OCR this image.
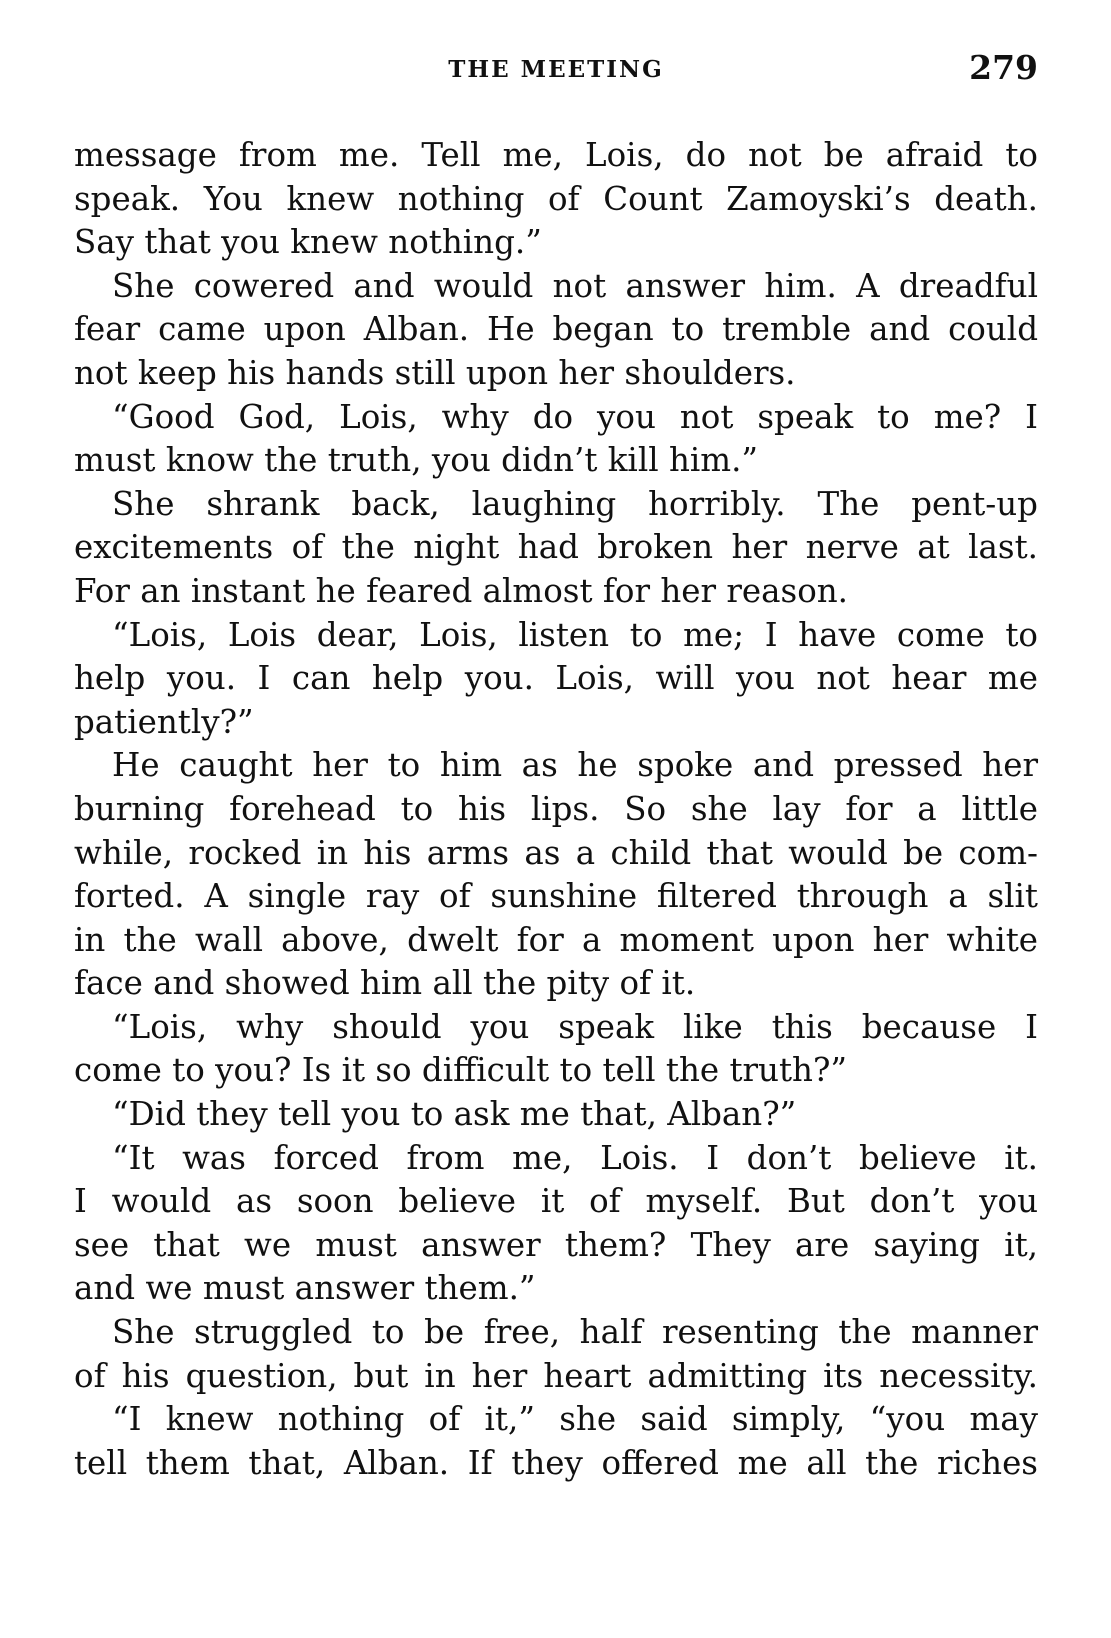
THE MEETING	279
message from me. Tell me, Lois, do not be afraid to
speak. You knew nothing of Count Zamoyski’s death.
Say that you knew nothing.”
She cowered and would not answer him. A dreadful
fear came upon Alban. He began to tremble and could
not keep his hands still upon her shoulders.
“Good God, Lois, why do you not speak to me? I
must know the truth, you didn’t kill him.”
She shrank back, laughing horribly. The pent-up
excitements of the night had broken her nerve at last.
For an instant he feared almost for her reason.
“Lois, Lois dear, Lois, listen to me; I have come to
help you. I can help you. Lois, will you not hear me
patiently?”
He caught her to him as he spoke and pressed her
burning forehead to his lips. So she lay for a little
while, rocked in his arms as a child that would be com-
forted. A single ray of sunshine filtered through a slit
in the wall above, dwelt for a moment upon her white
face and showed him all the pity of it.
“Lois, why should you speak like this because I
come to you? Is it so difficult to tell the truth?”
“Did they tell you to ask me that, Alban?”
“It was forced from me, Lois. I don’t believe it.
I would as soon believe it of myself. But don’t you
see that we must answer them? They are saying it,
and we must answer them.”
She struggled to be free, half resenting the manner
of his question, but in her heart admitting its necessity.
“I knew nothing of it,” she said simply, “you may
tell them that, Alban. If they offered me all the riches
